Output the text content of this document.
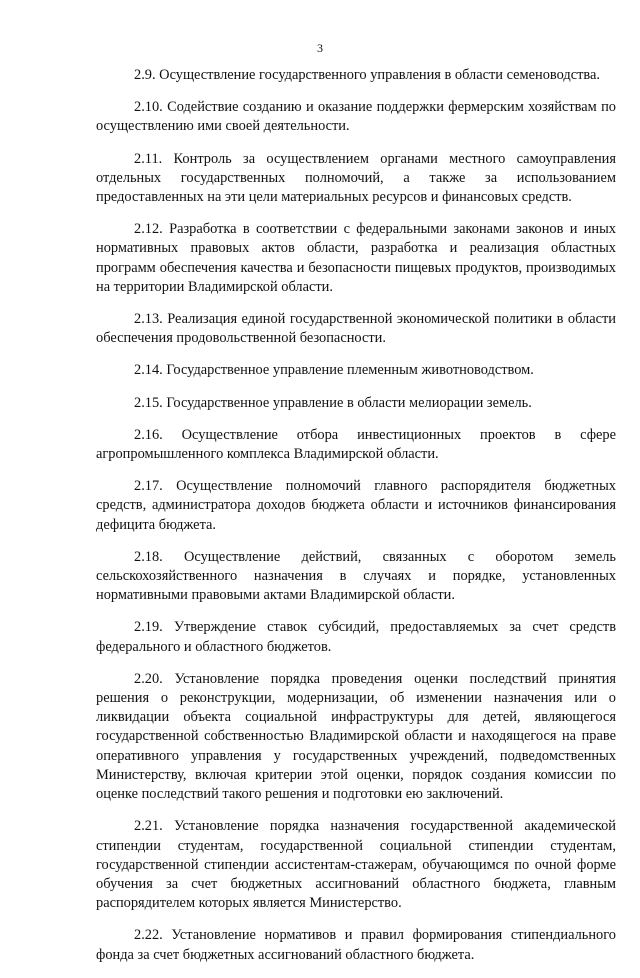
3

2.9. Осуществление государственного управления в области семеноводства.

2.10. Содействие созданию и оказание поддержки фермерским хозяйствам по осуществлению ими своей деятельности.

2.11. Контроль за осуществлением органами местного самоуправления отдельных государственных полномочий, а также за использованием предоставленных на эти цели материальных ресурсов и финансовых средств.

2.12. Разработка в соответствии с федеральными законами законов и иных нормативных правовых актов области, разработка и реализация областных программ обеспечения качества и безопасности пищевых продуктов, производимых на территории Владимирской области.

2.13. Реализация единой государственной экономической политики в области обеспечения продовольственной безопасности.

2.14. Государственное управление племенным животноводством.

2.15. Государственное управление в области мелиорации земель.

2.16. Осуществление отбора инвестиционных проектов в сфере агропромышленного комплекса Владимирской области.

2.17. Осуществление полномочий главного распорядителя бюджетных средств, администратора доходов бюджета области и источников финансирования дефицита бюджета.

2.18. Осуществление действий, связанных с оборотом земель сельскохозяйственного назначения в случаях и порядке, установленных нормативными правовыми актами Владимирской области.

2.19. Утверждение ставок субсидий, предоставляемых за счет средств федерального и областного бюджетов.

2.20. Установление порядка проведения оценки последствий принятия решения о реконструкции, модернизации, об изменении назначения или о ликвидации объекта социальной инфраструктуры для детей, являющегося государственной собственностью Владимирской области и находящегося на праве оперативного управления у государственных учреждений, подведомственных Министерству, включая критерии этой оценки, порядок создания комиссии по оценке последствий такого решения и подготовки ею заключений.

2.21. Установление порядка назначения государственной академической стипендии студентам, государственной социальной стипендии студентам, государственной стипендии ассистентам-стажерам, обучающимся по очной форме обучения за счет бюджетных ассигнований областного бюджета, главным распорядителем которых является Министерство.

2.22. Установление нормативов и правил формирования стипендиального фонда за счет бюджетных ассигнований областного бюджета.
